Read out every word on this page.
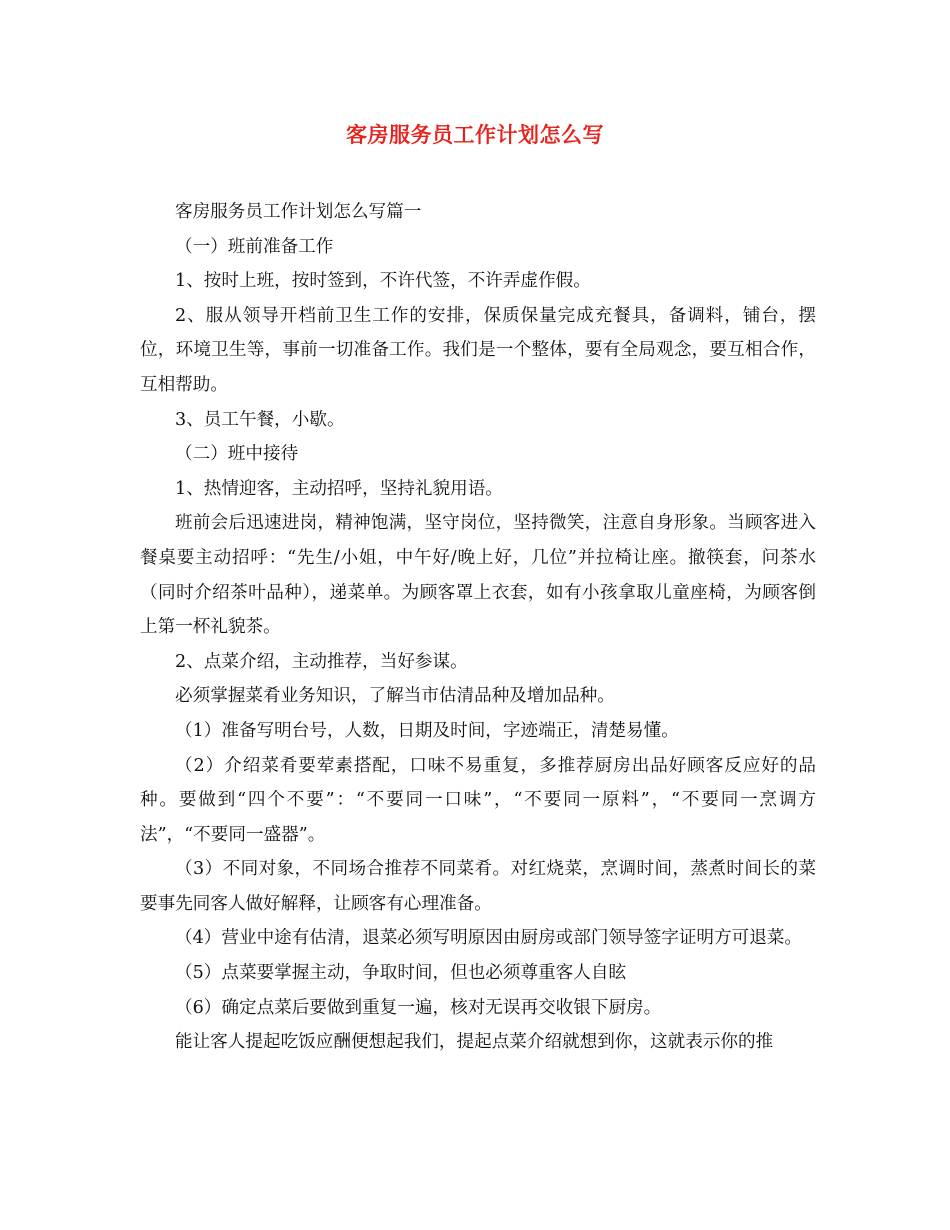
客房服务员工作计划怎么写

客房服务员工作计划怎么写篇一

（一）班前准备工作

1、按时上班，按时签到，不许代签，不许弄虚作假。

2、服从领导开档前卫生工作的安排，保质保量完成充餐具，备调料，铺台，摆位，环境卫生等，事前一切准备工作。我们是一个整体，要有全局观念，要互相合作，互相帮助。

3、员工午餐，小歇。

（二）班中接待

1、热情迎客，主动招呼，坚持礼貌用语。

班前会后迅速进岗，精神饱满，坚守岗位，坚持微笑，注意自身形象。当顾客进入餐桌要主动招呼：“先生/小姐，中午好/晚上好，几位”并拉椅让座。撤筷套，问茶水（同时介绍茶叶品种），递菜单。为顾客罩上衣套，如有小孩拿取儿童座椅，为顾客倒上第一杯礼貌茶。

2、点菜介绍，主动推荐，当好参谋。

必须掌握菜肴业务知识，了解当市估清品种及增加品种。

（1）准备写明台号，人数，日期及时间，字迹端正，清楚易懂。

（2）介绍菜肴要荤素搭配，口味不易重复，多推荐厨房出品好顾客反应好的品种。要做到“四个不要”：“不要同一口味”，“不要同一原料”，“不要同一烹调方法”，“不要同一盛器”。

（3）不同对象，不同场合推荐不同菜肴。对红烧菜，烹调时间，蒸煮时间长的菜要事先同客人做好解释，让顾客有心理准备。

（4）营业中途有估清，退菜必须写明原因由厨房或部门领导签字证明方可退菜。

（5）点菜要掌握主动，争取时间，但也必须尊重客人自眩

（6）确定点菜后要做到重复一遍，核对无误再交收银下厨房。

能让客人提起吃饭应酬便想起我们，提起点菜介绍就想到你，这就表示你的推
